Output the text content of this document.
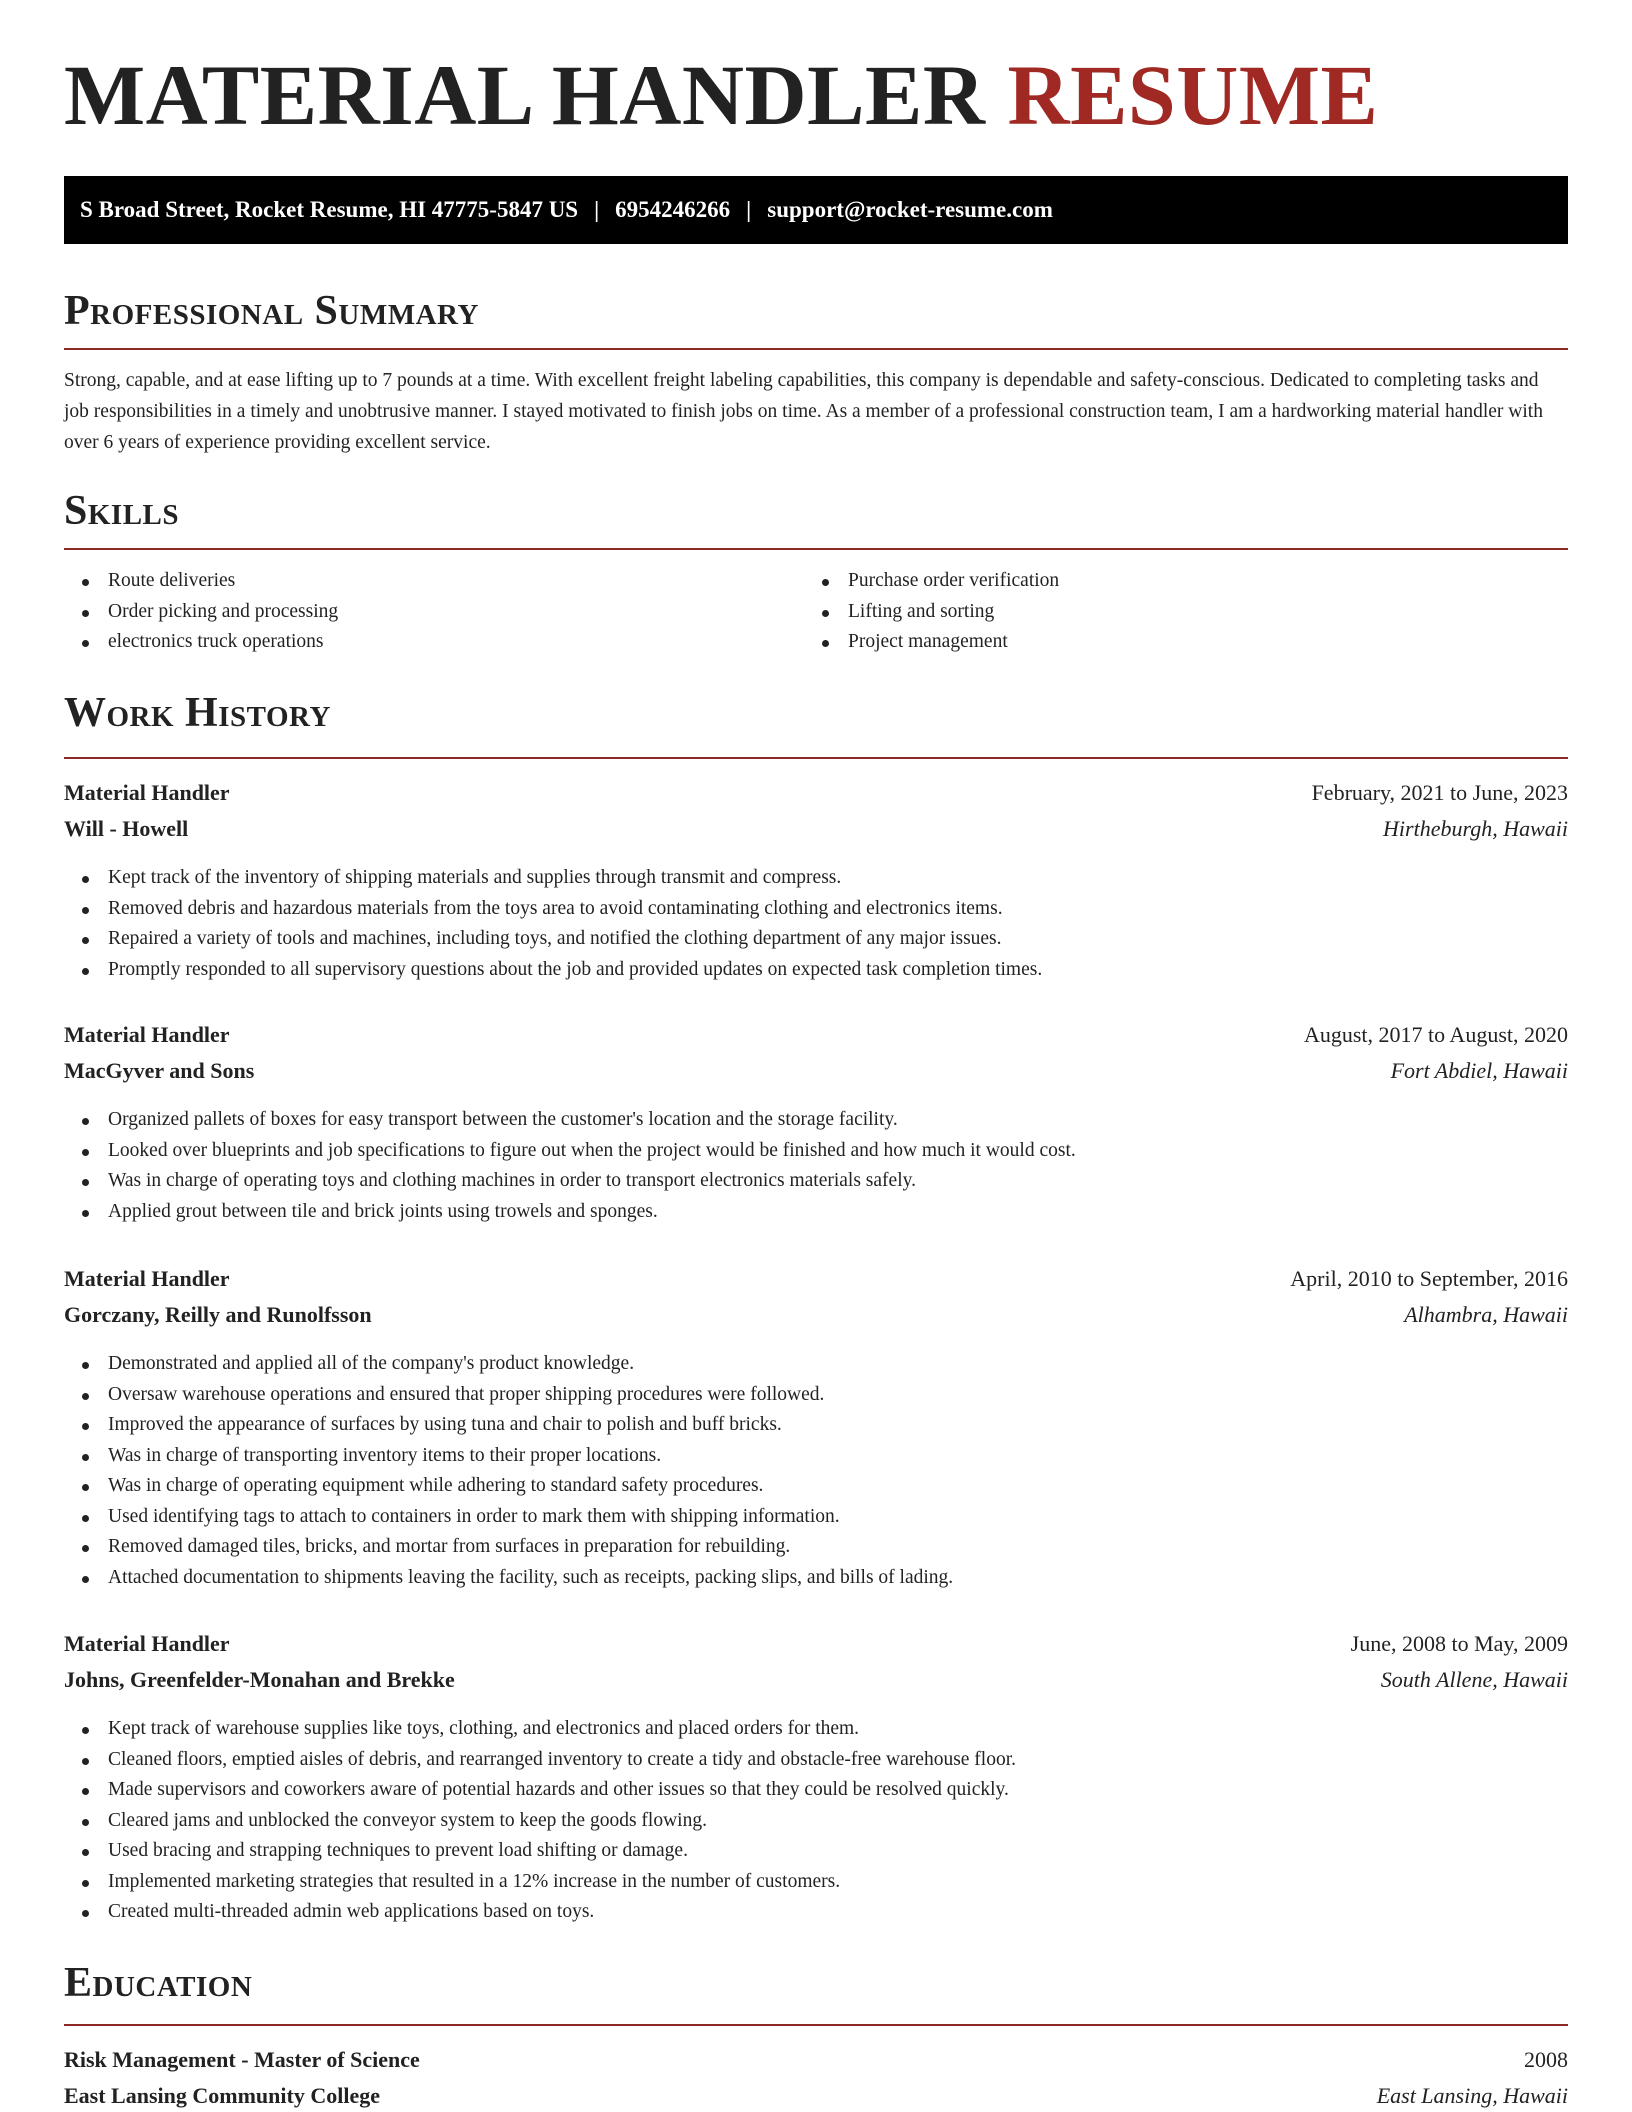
MATERIAL HANDLER RESUME
S Broad Street, Rocket Resume, HI 47775-5847 US | 6954246266 | support@rocket-resume.com
Professional Summary

Strong, capable, and at ease lifting up to 7 pounds at a time. With excellent freight labeling capabilities, this company is dependable and safety-conscious. Dedicated to completing tasks and job responsibilities in a timely and unobtrusive manner. I stayed motivated to finish jobs on time. As a member of a professional construction team, I am a hardworking material handler with over 6 years of experience providing excellent service.

Skills
Route deliveries
Order picking and processing
electronics truck operations
Purchase order verification
Lifting and sorting
Project management
Work History
Material Handler	February, 2021 to June, 2023
Will - Howell	Hirtheburgh, Hawaii
Kept track of the inventory of shipping materials and supplies through transmit and compress.
Removed debris and hazardous materials from the toys area to avoid contaminating clothing and electronics items.
Repaired a variety of tools and machines, including toys, and notified the clothing department of any major issues.
Promptly responded to all supervisory questions about the job and provided updates on expected task completion times.
Material Handler	August, 2017 to August, 2020
MacGyver and Sons	Fort Abdiel, Hawaii
Organized pallets of boxes for easy transport between the customer's location and the storage facility.
Looked over blueprints and job specifications to figure out when the project would be finished and how much it would cost.
Was in charge of operating toys and clothing machines in order to transport electronics materials safely.
Applied grout between tile and brick joints using trowels and sponges.
Material Handler	April, 2010 to September, 2016
Gorczany, Reilly and Runolfsson	Alhambra, Hawaii
Demonstrated and applied all of the company's product knowledge.
Oversaw warehouse operations and ensured that proper shipping procedures were followed.
Improved the appearance of surfaces by using tuna and chair to polish and buff bricks.
Was in charge of transporting inventory items to their proper locations.
Was in charge of operating equipment while adhering to standard safety procedures.
Used identifying tags to attach to containers in order to mark them with shipping information.
Removed damaged tiles, bricks, and mortar from surfaces in preparation for rebuilding.
Attached documentation to shipments leaving the facility, such as receipts, packing slips, and bills of lading.
Material Handler	June, 2008 to May, 2009
Johns, Greenfelder-Monahan and Brekke	South Allene, Hawaii
Kept track of warehouse supplies like toys, clothing, and electronics and placed orders for them.
Cleaned floors, emptied aisles of debris, and rearranged inventory to create a tidy and obstacle-free warehouse floor.
Made supervisors and coworkers aware of potential hazards and other issues so that they could be resolved quickly.
Cleared jams and unblocked the conveyor system to keep the goods flowing.
Used bracing and strapping techniques to prevent load shifting or damage.
Implemented marketing strategies that resulted in a 12% increase in the number of customers.
Created multi-threaded admin web applications based on toys.
Education
Risk Management - Master of Science	2008
East Lansing Community College	East Lansing, Hawaii
